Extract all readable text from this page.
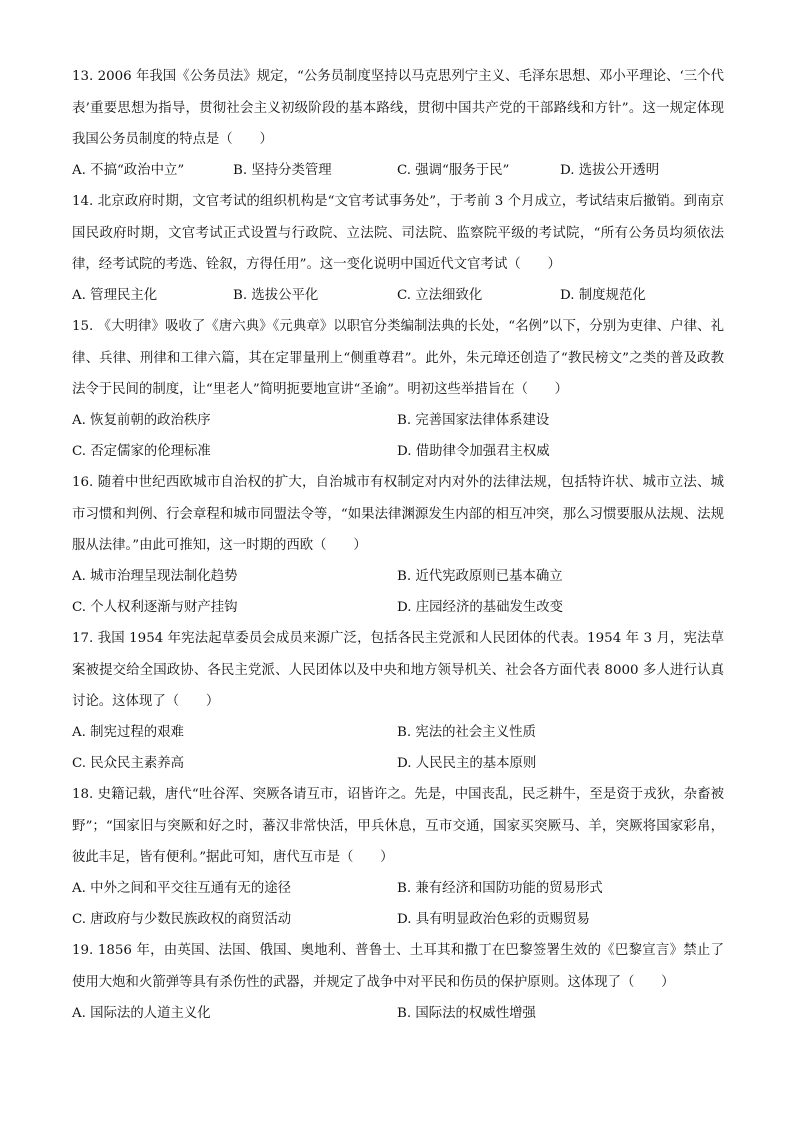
13. 2006 年我国《公务员法》规定，“公务员制度坚持以马克思列宁主义、毛泽东思想、邓小平理论、‘三个代表’重要思想为指导，贯彻社会主义初级阶段的基本路线，贯彻中国共产党的干部路线和方针”。这一规定体现我国公务员制度的特点是（　　）
A. 不搞“政治中立”	B. 坚持分类管理	C. 强调“服务于民”	D. 选拔公开透明
14. 北京政府时期，文官考试的组织机构是“文官考试事务处”，于考前 3 个月成立，考试结束后撤销。到南京国民政府时期，文官考试正式设置与行政院、立法院、司法院、监察院平级的考试院，“所有公务员均须依法律，经考试院的考选、铨叙，方得任用”。这一变化说明中国近代文官考试（　　）
A. 管理民主化	B. 选拔公平化	C. 立法细致化	D. 制度规范化
15. 《大明律》吸收了《唐六典》《元典章》以职官分类编制法典的长处，“名例”以下，分别为吏律、户律、礼律、兵律、刑律和工律六篇，其在定罪量刑上“侧重尊君”。此外，朱元璋还创造了“教民榜文”之类的普及政教法令于民间的制度，让“里老人”简明扼要地宣讲“圣谕”。明初这些举措旨在（　　）
A. 恢复前朝的政治秩序	B. 完善国家法律体系建设
C. 否定儒家的伦理标准	D. 借助律令加强君主权威
16. 随着中世纪西欧城市自治权的扩大，自治城市有权制定对内对外的法律法规，包括特许状、城市立法、城市习惯和判例、行会章程和城市同盟法令等，“如果法律渊源发生内部的相互冲突，那么习惯要服从法规、法规服从法律。”由此可推知，这一时期的西欧（　　）
A. 城市治理呈现法制化趋势	B. 近代宪政原则已基本确立
C. 个人权利逐渐与财产挂钩	D. 庄园经济的基础发生改变
17. 我国 1954 年宪法起草委员会成员来源广泛，包括各民主党派和人民团体的代表。1954 年 3 月，宪法草案被提交给全国政协、各民主党派、人民团体以及中央和地方领导机关、社会各方面代表 8000 多人进行认真讨论。这体现了（　　）
A. 制宪过程的艰难	B. 宪法的社会主义性质
C. 民众民主素养高	D. 人民民主的基本原则
18. 史籍记载，唐代“吐谷浑、突厥各请互市，诏皆许之。先是，中国丧乱，民乏耕牛，至是资于戎狄，杂畜被野”；“国家旧与突厥和好之时，蕃汉非常快活，甲兵休息，互市交通，国家买突厥马、羊，突厥将国家彩帛，彼此丰足，皆有便利。”据此可知，唐代互市是（　　）
A. 中外之间和平交往互通有无的途径	B. 兼有经济和国防功能的贸易形式
C. 唐政府与少数民族政权的商贸活动	D. 具有明显政治色彩的贡赐贸易
19. 1856 年，由英国、法国、俄国、奥地利、普鲁士、土耳其和撒丁在巴黎签署生效的《巴黎宣言》禁止了使用大炮和火箭弹等具有杀伤性的武器，并规定了战争中对平民和伤员的保护原则。这体现了（　　）
A. 国际法的人道主义化	B. 国际法的权威性增强
